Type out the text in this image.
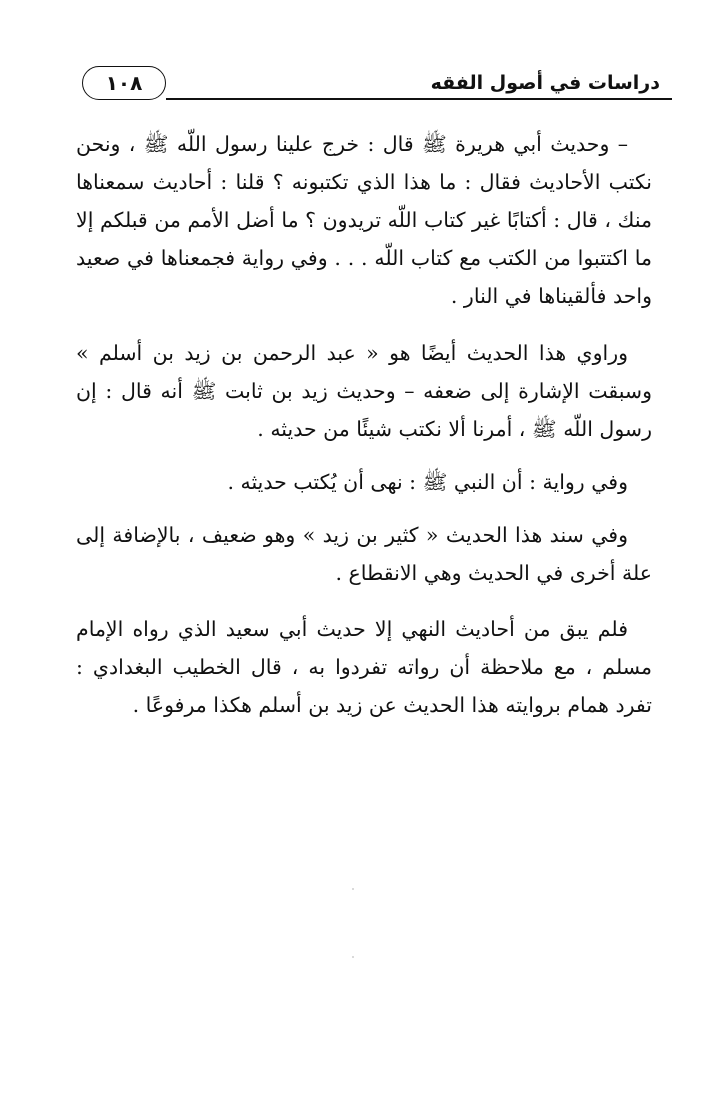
١٠٨	دراسات في أصول الفقه

– وحديث أبي هريرة ﷺ قال : خرج علينا رسول اللّه ﷺ ، ونحن نكتب الأحاديث فقال : ما هذا الذي تكتبونه ؟ قلنا : أحاديث سمعناها منك ، قال : أكتابًا غير كتاب اللّه تريدون ؟ ما أضل الأمم من قبلكم إلا ما اكتتبوا من الكتب مع كتاب اللّه . . . وفي رواية فجمعناها في صعيد واحد فألقيناها في النار .

وراوي هذا الحديث أيضًا هو « عبد الرحمن بن زيد بن أسلم » وسبقت الإشارة إلى ضعفه – وحديث زيد بن ثابت ﷺ أنه قال : إن رسول اللّه ﷺ ، أمرنا ألا نكتب شيئًا من حديثه .

وفي رواية : أن النبي ﷺ : نهى أن يُكتب حديثه .

وفي سند هذا الحديث « كثير بن زيد » وهو ضعيف ، بالإضافة إلى علة أخرى في الحديث وهي الانقطاع .

فلم يبق من أحاديث النهي إلا حديث أبي سعيد الذي رواه الإمام مسلم ، مع ملاحظة أن رواته تفردوا به ، قال الخطيب البغدادي : تفرد همام بروايته هذا الحديث عن زيد بن أسلم هكذا مرفوعًا .
